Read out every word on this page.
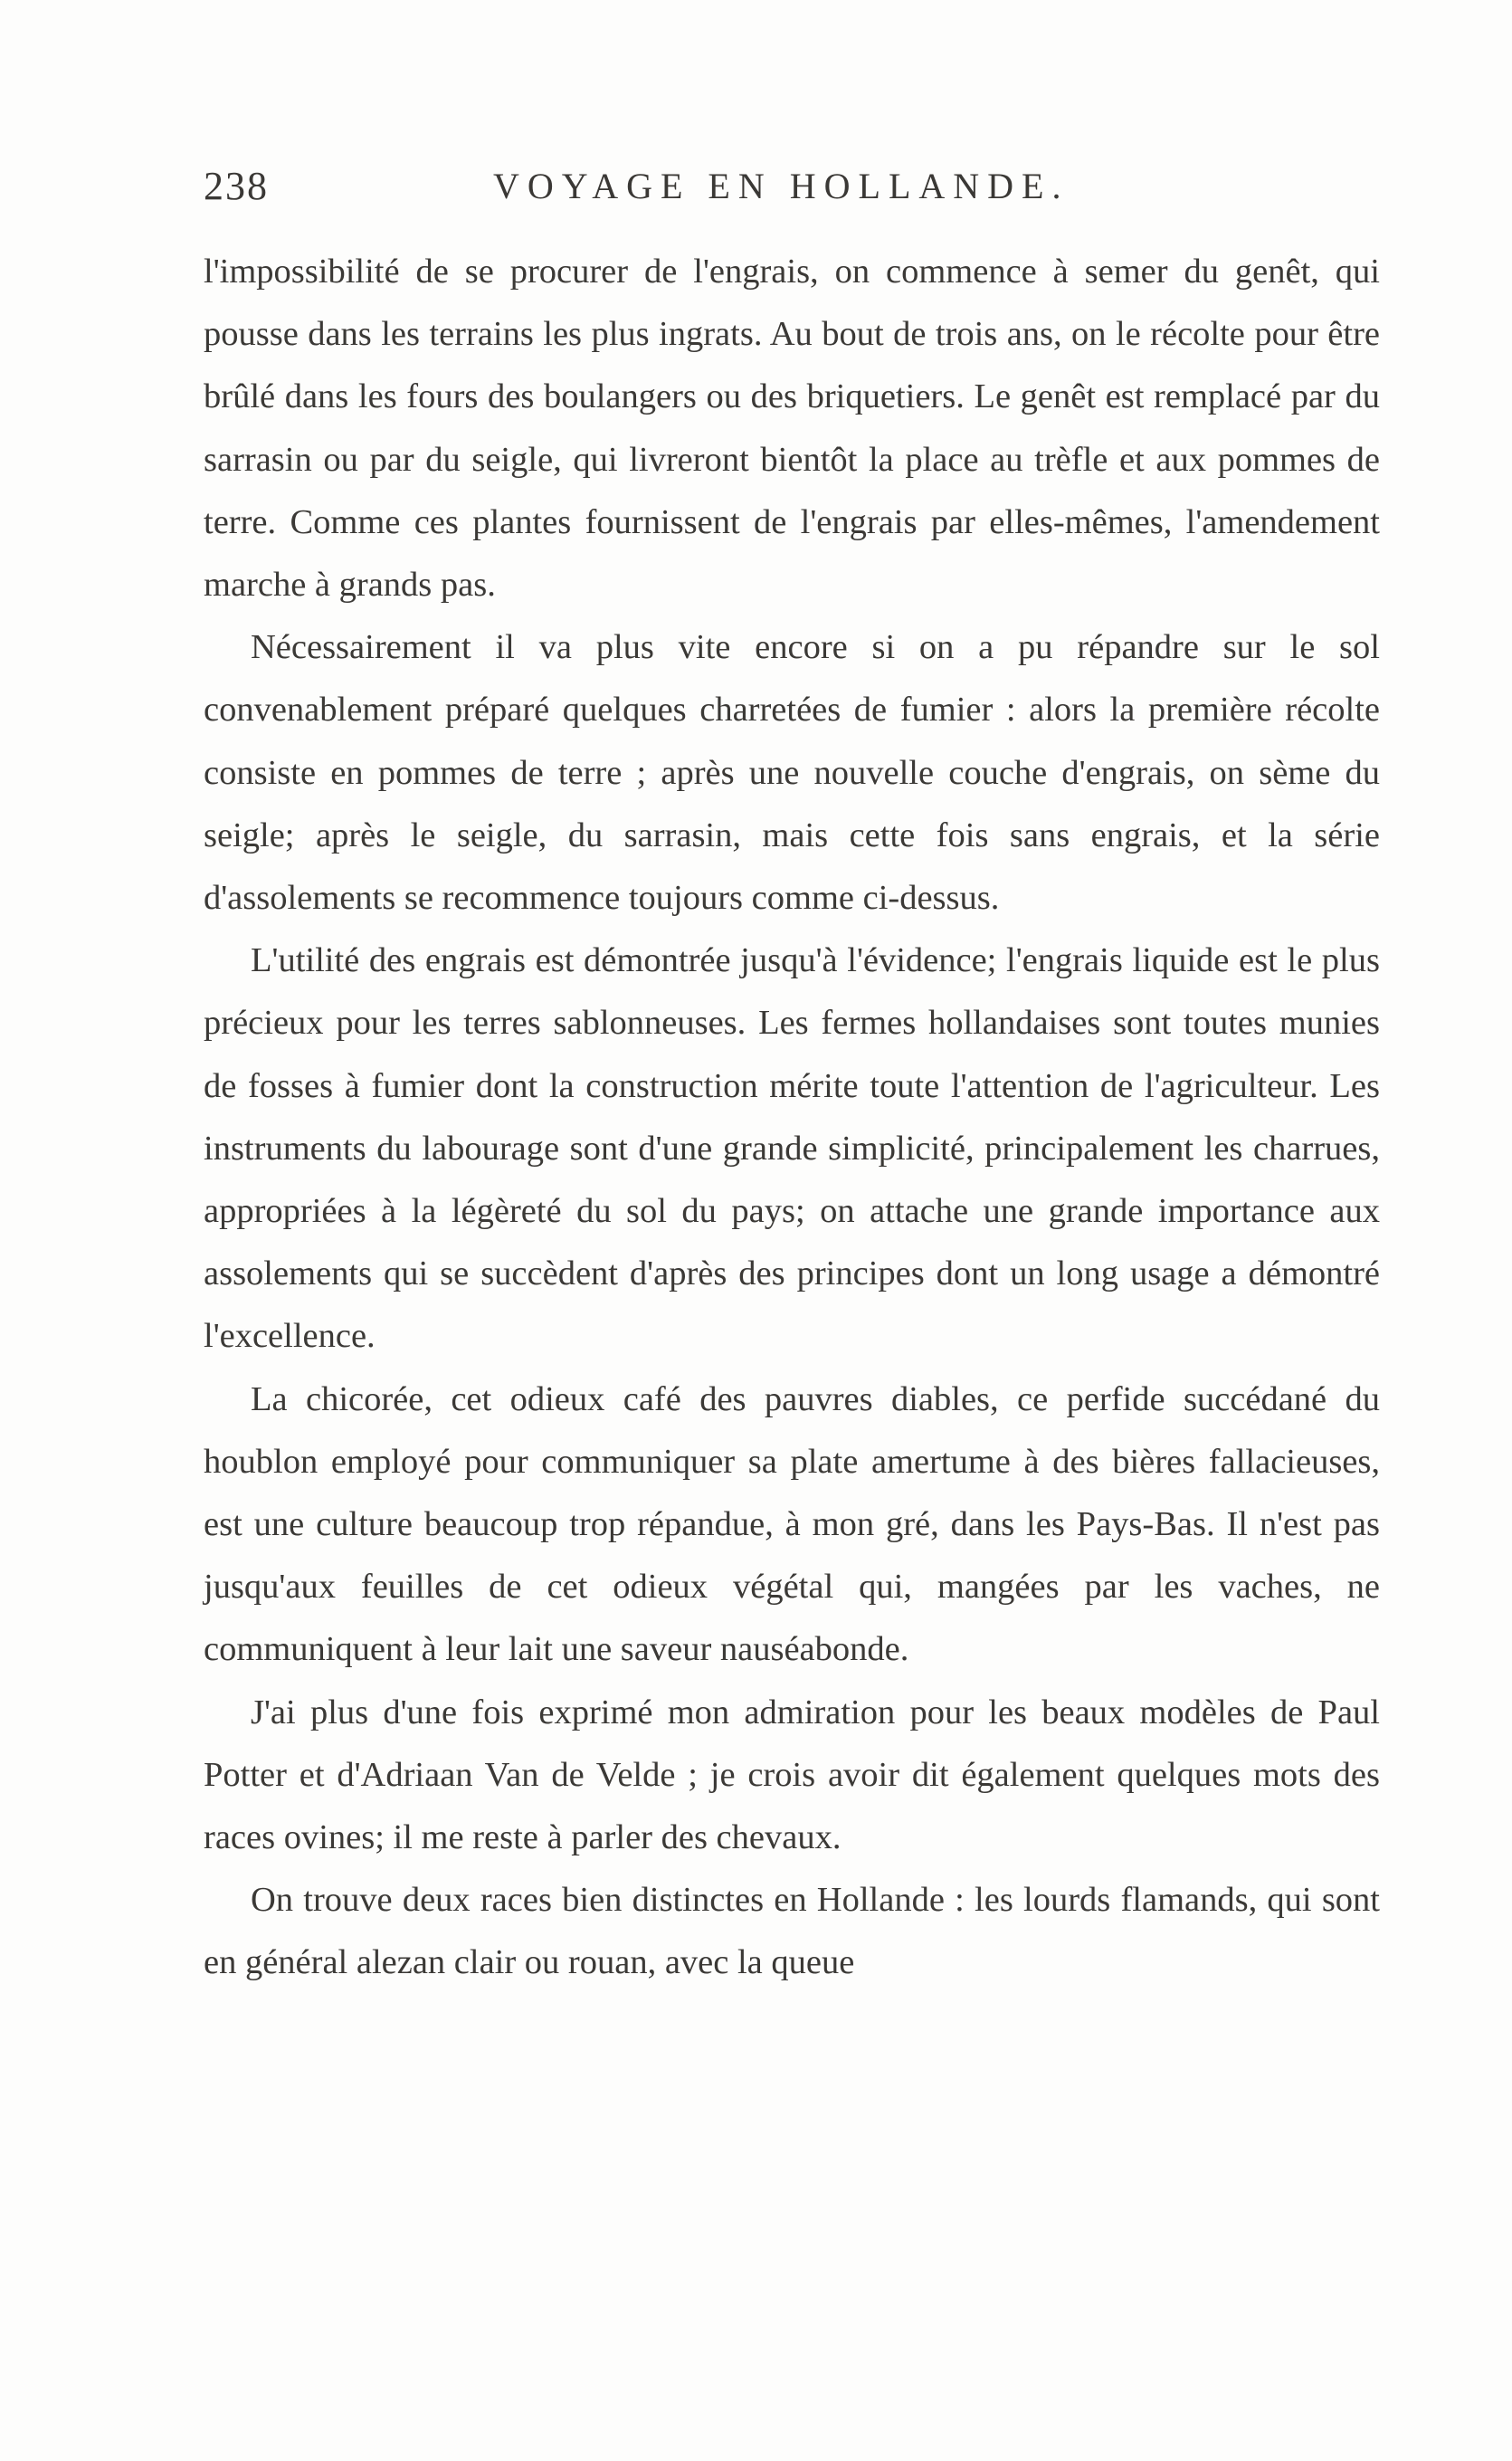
238	VOYAGE EN HOLLANDE.

l'impossibilité de se procurer de l'engrais, on commence à semer du genêt, qui pousse dans les terrains les plus ingrats. Au bout de trois ans, on le récolte pour être brûlé dans les fours des boulangers ou des briquetiers. Le genêt est remplacé par du sarrasin ou par du seigle, qui livreront bientôt la place au trèfle et aux pommes de terre. Comme ces plantes fournissent de l'engrais par elles-mêmes, l'amendement marche à grands pas.

Nécessairement il va plus vite encore si on a pu répandre sur le sol convenablement préparé quelques charretées de fumier : alors la première récolte consiste en pommes de terre ; après une nouvelle couche d'engrais, on sème du seigle; après le seigle, du sarrasin, mais cette fois sans engrais, et la série d'assolements se recommence toujours comme ci-dessus.

L'utilité des engrais est démontrée jusqu'à l'évidence; l'engrais liquide est le plus précieux pour les terres sablonneuses. Les fermes hollandaises sont toutes munies de fosses à fumier dont la construction mérite toute l'attention de l'agriculteur. Les instruments du labourage sont d'une grande simplicité, principalement les charrues, appropriées à la légèreté du sol du pays; on attache une grande importance aux assolements qui se succèdent d'après des principes dont un long usage a démontré l'excellence.

La chicorée, cet odieux café des pauvres diables, ce perfide succédané du houblon employé pour communiquer sa plate amertume à des bières fallacieuses, est une culture beaucoup trop répandue, à mon gré, dans les Pays-Bas. Il n'est pas jusqu'aux feuilles de cet odieux végétal qui, mangées par les vaches, ne communiquent à leur lait une saveur nauséabonde.

J'ai plus d'une fois exprimé mon admiration pour les beaux modèles de Paul Potter et d'Adriaan Van de Velde ; je crois avoir dit également quelques mots des races ovines; il me reste à parler des chevaux.

On trouve deux races bien distinctes en Hollande : les lourds flamands, qui sont en général alezan clair ou rouan, avec la queue
